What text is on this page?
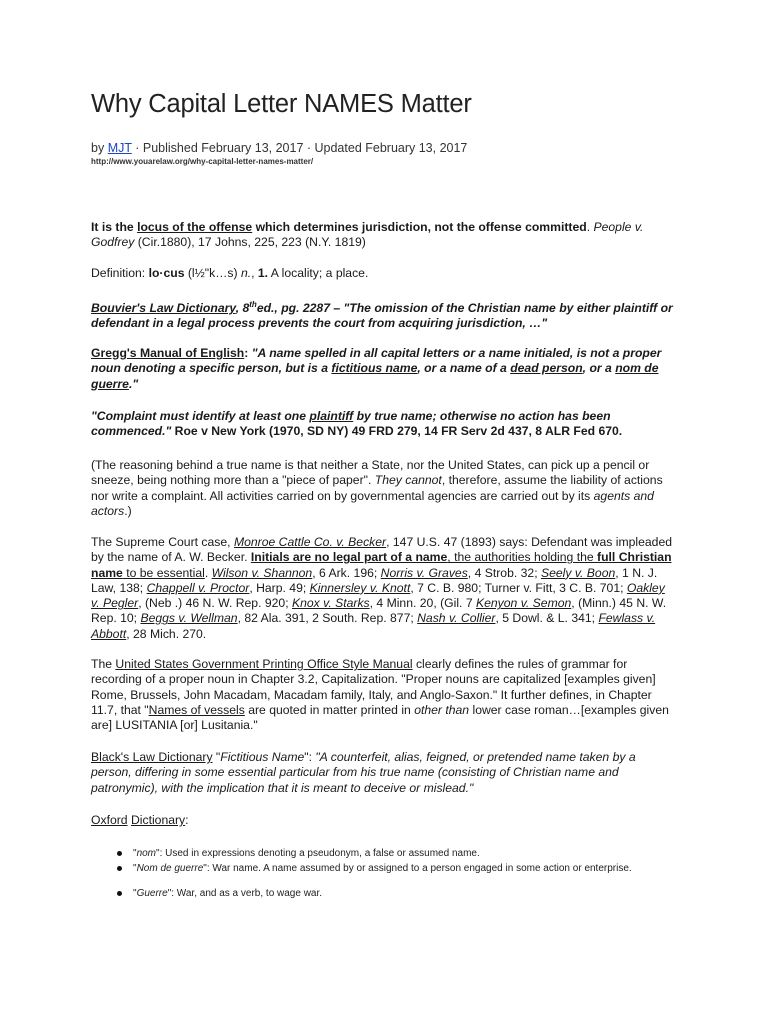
Why Capital Letter NAMES Matter
by MJT · Published February 13, 2017 · Updated February 13, 2017
http://www.youarelaw.org/why-capital-letter-names-matter/
It is the locus of the offense which determines jurisdiction, not the offense committed. People v. Godfrey (Cir.1880), 17 Johns, 225, 223 (N.Y. 1819)
Definition: lo·cus (l½"k…s) n., 1. A locality; a place.
Bouvier's Law Dictionary, 8thed., pg. 2287 – "The omission of the Christian name by either plaintiff or defendant in a legal process prevents the court from acquiring jurisdiction, …"
Gregg's Manual of English: "A name spelled in all capital letters or a name initialed, is not a proper noun denoting a specific person, but is a fictitious name, or a name of a dead person, or a nom de guerre."
"Complaint must identify at least one plaintiff by true name; otherwise no action has been commenced." Roe v New York (1970, SD NY) 49 FRD 279, 14 FR Serv 2d 437, 8 ALR Fed 670.
(The reasoning behind a true name is that neither a State, nor the United States, can pick up a pencil or sneeze, being nothing more than a "piece of paper". They cannot, therefore, assume the liability of actions nor write a complaint. All activities carried on by governmental agencies are carried out by its agents and actors.)
The Supreme Court case, Monroe Cattle Co. v. Becker, 147 U.S. 47 (1893) says: Defendant was impleaded by the name of A. W. Becker. Initials are no legal part of a name, the authorities holding the full Christian name to be essential. Wilson v. Shannon, 6 Ark. 196; Norris v. Graves, 4 Strob. 32; Seely v. Boon, 1 N. J. Law, 138; Chappell v. Proctor, Harp. 49; Kinnersley v. Knott, 7 C. B. 980; Turner v. Fitt, 3 C. B. 701; Oakley v. Pegler, (Neb .) 46 N. W. Rep. 920; Knox v. Starks, 4 Minn. 20, (Gil. 7 Kenyon v. Semon, (Minn.) 45 N. W. Rep. 10; Beggs v. Wellman, 82 Ala. 391, 2 South. Rep. 877; Nash v. Collier, 5 Dowl. & L. 341; Fewlass v. Abbott, 28 Mich. 270.
The United States Government Printing Office Style Manual clearly defines the rules of grammar for recording of a proper noun in Chapter 3.2, Capitalization. "Proper nouns are capitalized [examples given] Rome, Brussels, John Macadam, Macadam family, Italy, and Anglo-Saxon." It further defines, in Chapter 11.7, that "Names of vessels are quoted in matter printed in other than lower case roman…[examples given are] LUSITANIA [or] Lusitania."
Black's Law Dictionary "Fictitious Name": "A counterfeit, alias, feigned, or pretended name taken by a person, differing in some essential particular from his true name (consisting of Christian name and patronymic), with the implication that it is meant to deceive or mislead."
Oxford Dictionary:
"nom": Used in expressions denoting a pseudonym, a false or assumed name.
"Nom de guerre": War name. A name assumed by or assigned to a person engaged in some action or enterprise.
"Guerre": War, and as a verb, to wage war.
